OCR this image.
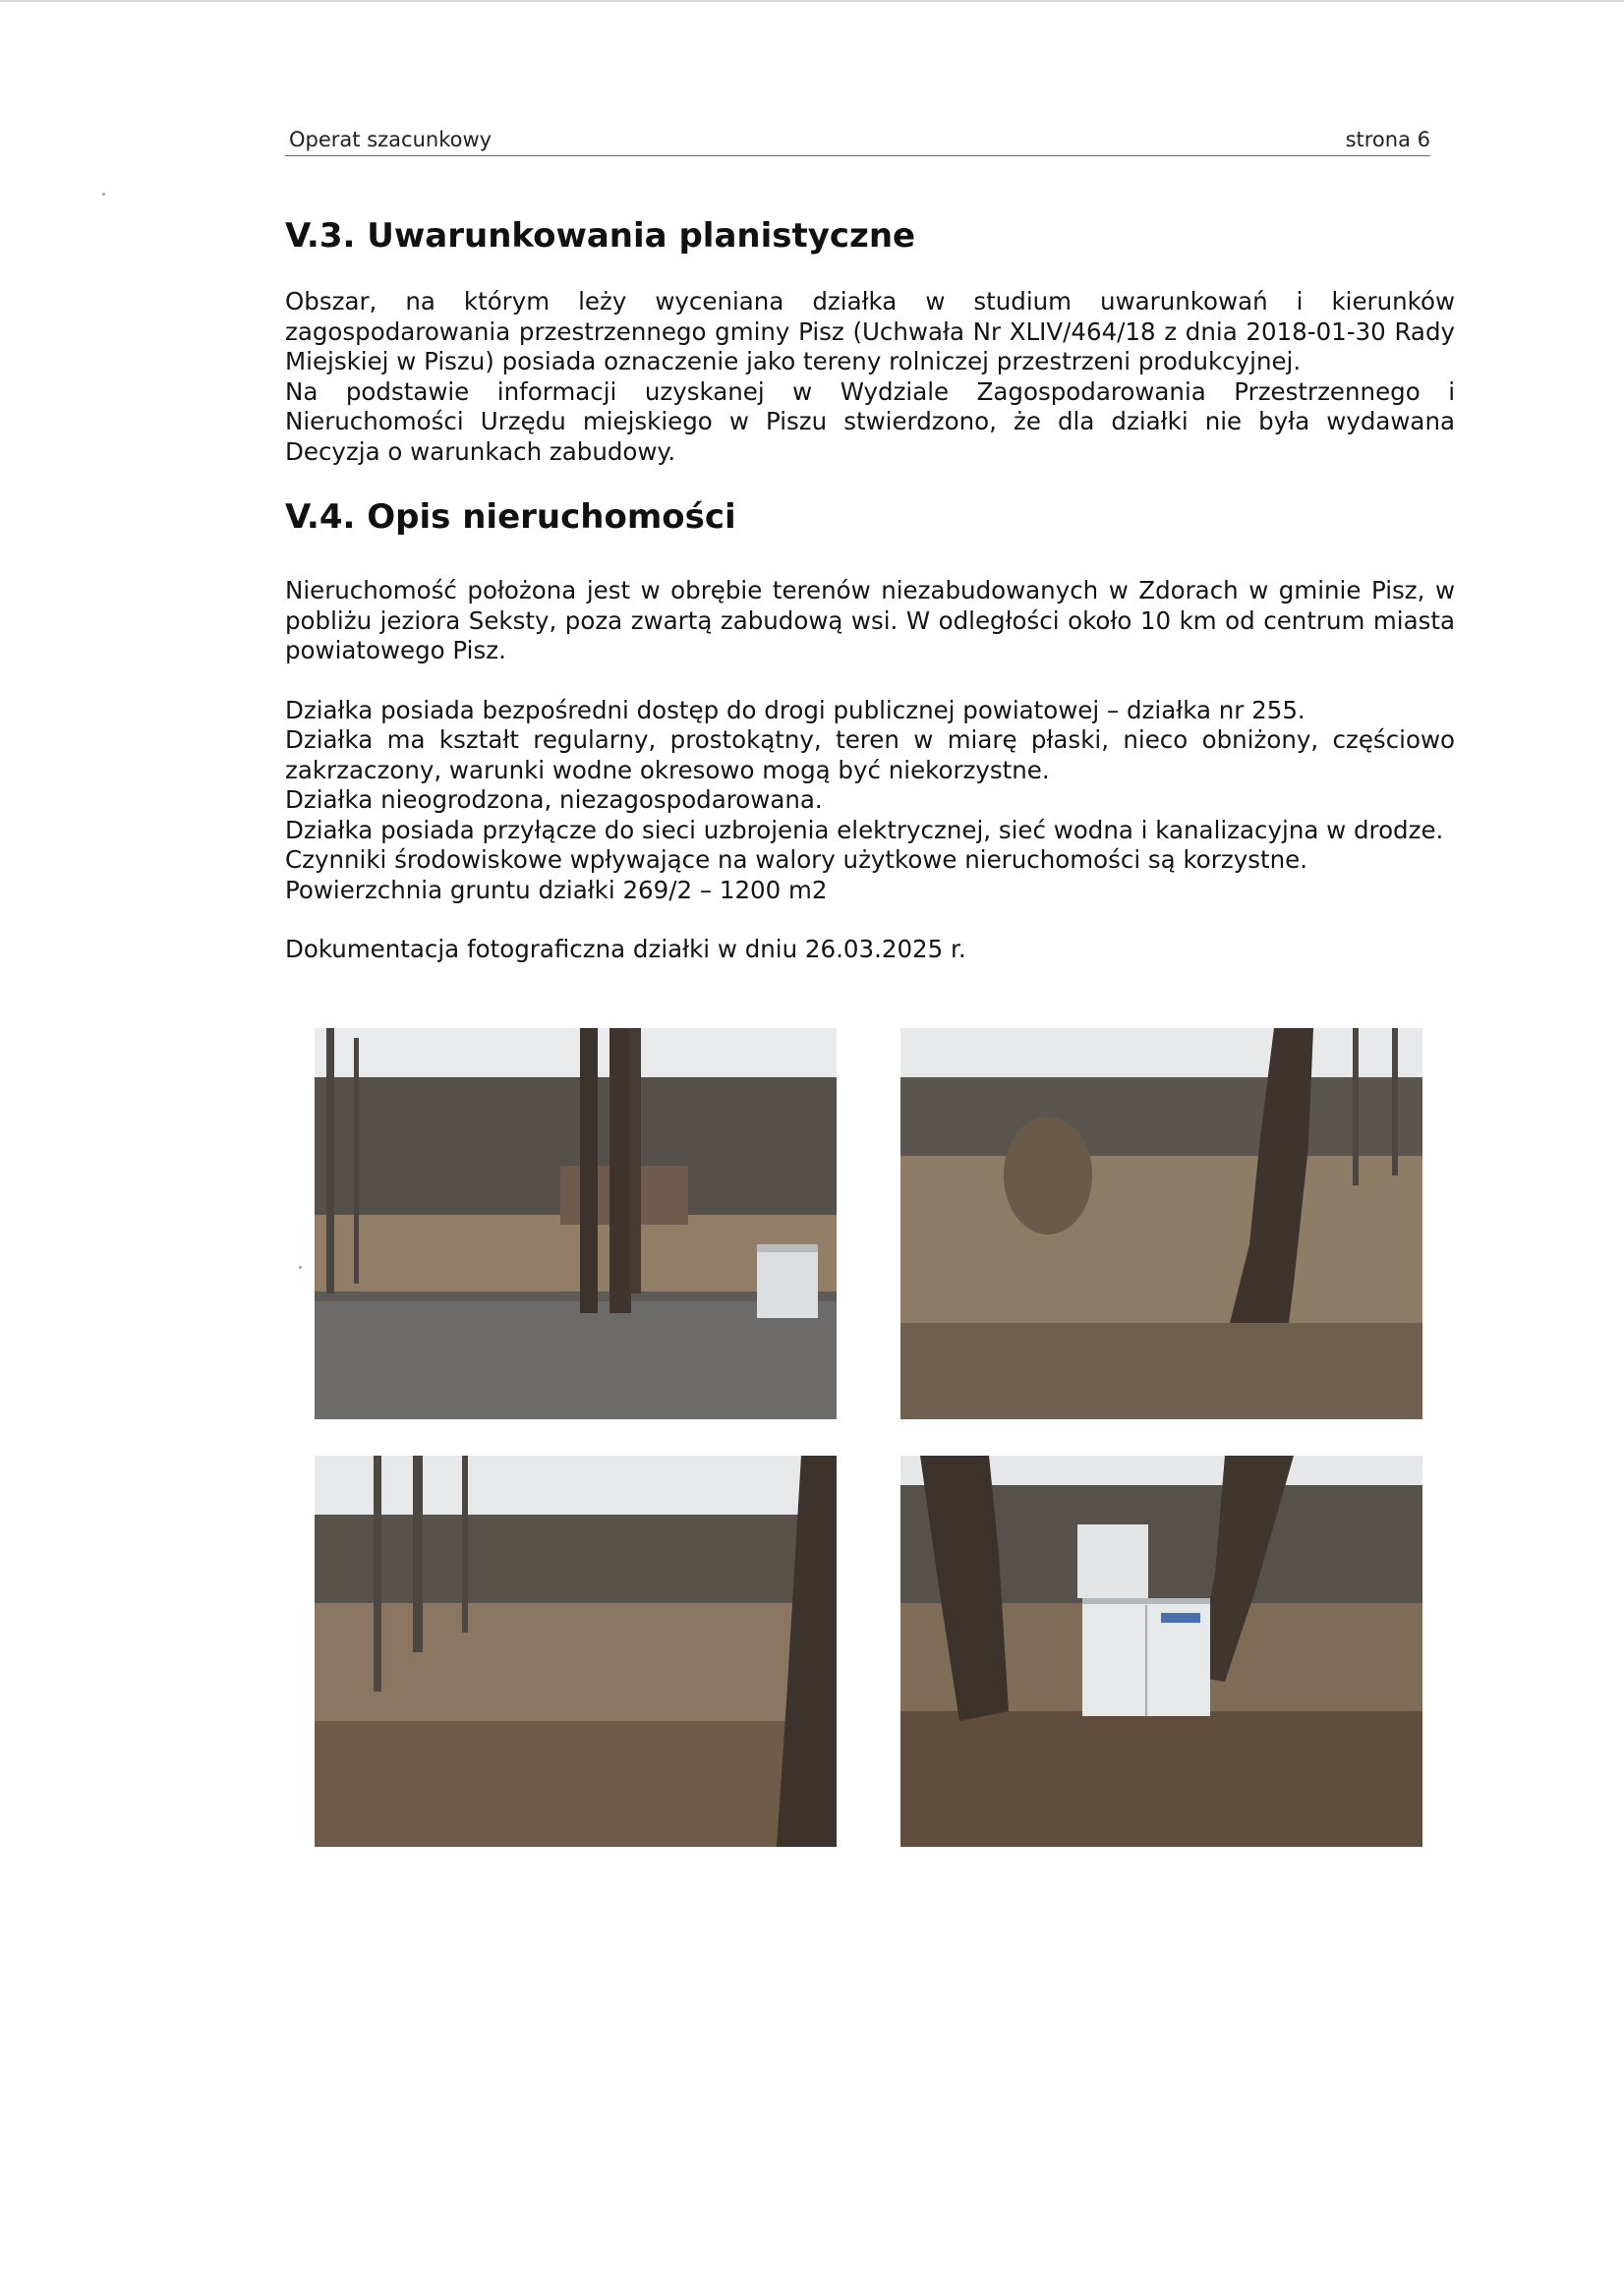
Operat szacunkowy	strona 6
V.3. Uwarunkowania planistyczne

Obszar, na którym leży wyceniana działka w studium uwarunkowań i kierunków zagospodarowania przestrzennego gminy Pisz (Uchwała Nr XLIV/464/18 z dnia 2018-01-30 Rady Miejskiej w Piszu) posiada oznaczenie jako tereny rolniczej przestrzeni produkcyjnej.

Na podstawie informacji uzyskanej w Wydziale Zagospodarowania Przestrzennego i Nieruchomości Urzędu miejskiego w Piszu stwierdzono, że dla działki nie była wydawana Decyzja o warunkach zabudowy.

V.4. Opis nieruchomości

Nieruchomość położona jest w obrębie terenów niezabudowanych w Zdorach w gminie Pisz, w pobliżu jeziora Seksty, poza zwartą zabudową wsi. W odległości około 10 km od centrum miasta powiatowego Pisz.

Działka posiada bezpośredni dostęp do drogi publicznej powiatowej – działka nr 255.

Działka ma kształt regularny, prostokątny, teren w miarę płaski, nieco obniżony, częściowo zakrzaczony, warunki wodne okresowo mogą być niekorzystne.

Działka nieogrodzona, niezagospodarowana.

Działka posiada przyłącze do sieci uzbrojenia elektrycznej, sieć wodna i kanalizacyjna w drodze.

Czynniki środowiskowe wpływające na walory użytkowe nieruchomości są korzystne.

Powierzchnia gruntu działki 269/2 – 1200 m2

Dokumentacja fotograficzna działki w dniu 26.03.2025 r.
